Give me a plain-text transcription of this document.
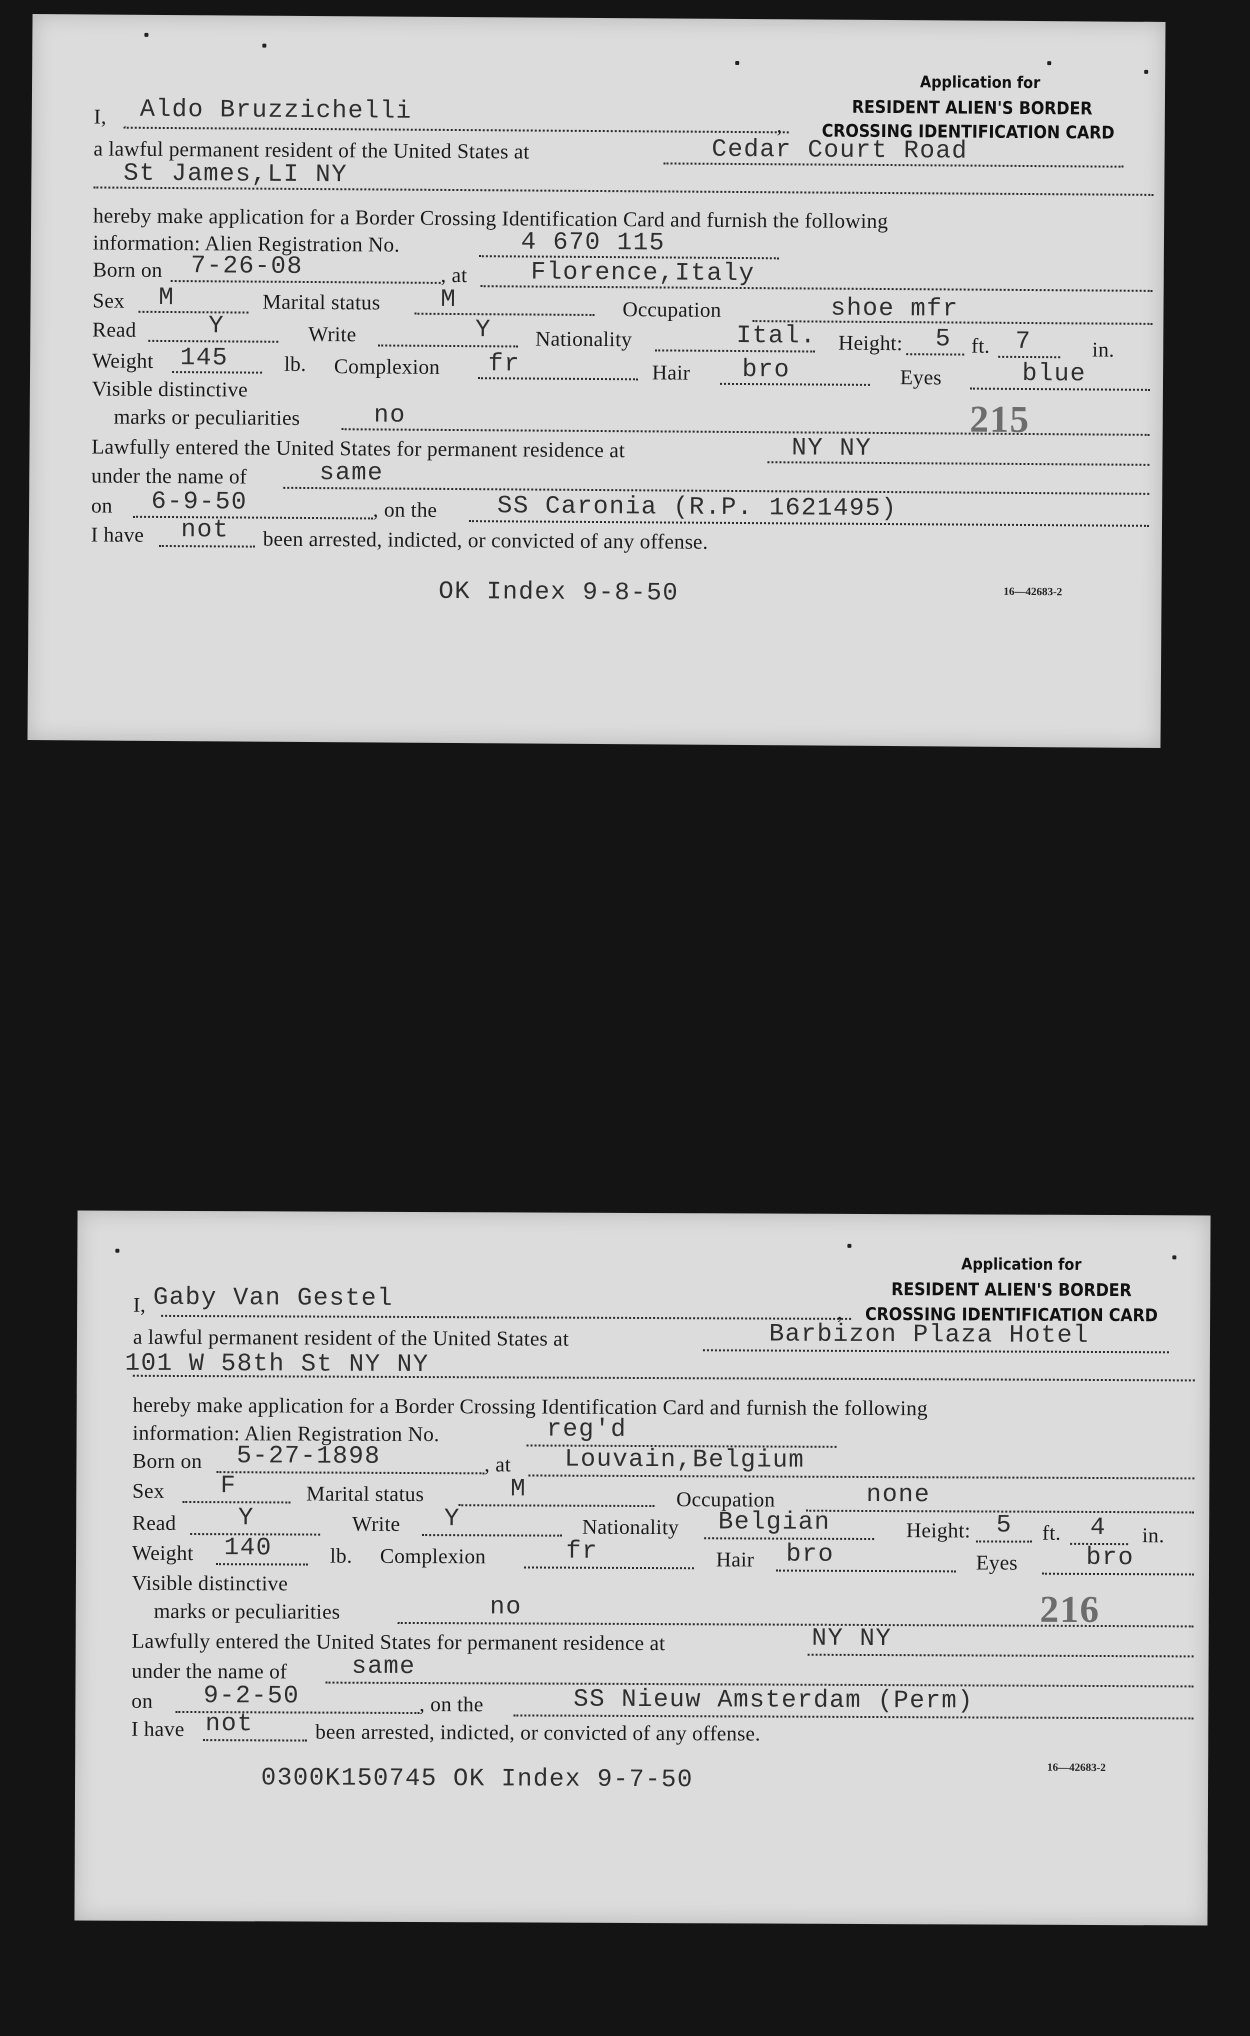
Application for
RESIDENT ALIEN'S BORDER
CROSSING IDENTIFICATION CARD
I, Aldo Bruzzichelli	,
a lawful permanent resident of the United States at	Cedar Court Road
St James,LI NY
hereby make application for a Border Crossing Identification Card and furnish the following
information: Alien Registration No.	4 670 115
Born on 7-26-08	, at	Florence,Italy
Sex M	Marital status M	Occupation	shoe mfr
Read	Y	Write	Y Nationality	Ital. Height: 5 ft. 7	in.
Weight 145	lb. Complexion fr	Hair bro	Eyes	blue
Visible distinctive
marks or peculiarities	no	215
Lawfully entered the United States for permanent residence at	NY NY
under the name of	same
on 6-9-50	, on the SS Caronia (R.P. 1621495)
I have not been arrested, indicted, or convicted of any offense.
OK Index 9-8-50	16—42683-2
Application for
RESIDENT ALIEN'S BORDER
CROSSING IDENTIFICATION CARD
I, Gaby Van Gestel	,
a lawful permanent resident of the United States at	Barbizon Plaza Hotel
101 W 58th St NY NY
hereby make application for a Border Crossing Identification Card and furnish the following
information: Alien Registration No.	reg'd
Born on 5-27-1898	, at Louvain,Belgium
Sex F	Marital status	M	Occupation	none
Read Y	Write Y	Nationality Belgian	Height: 5 ft. 4 in.
Weight 140	lb. Complexion	fr	Hair bro	Eyes	bro
Visible distinctive
marks or peculiarities	no	216
Lawfully entered the United States for permanent residence at	NY NY
under the name of	same
on 9-2-50	, on the	SS Nieuw Amsterdam (Perm)
I have not	been arrested, indicted, or convicted of any offense.
0300K150745 OK Index 9-7-50	16—42683-2
